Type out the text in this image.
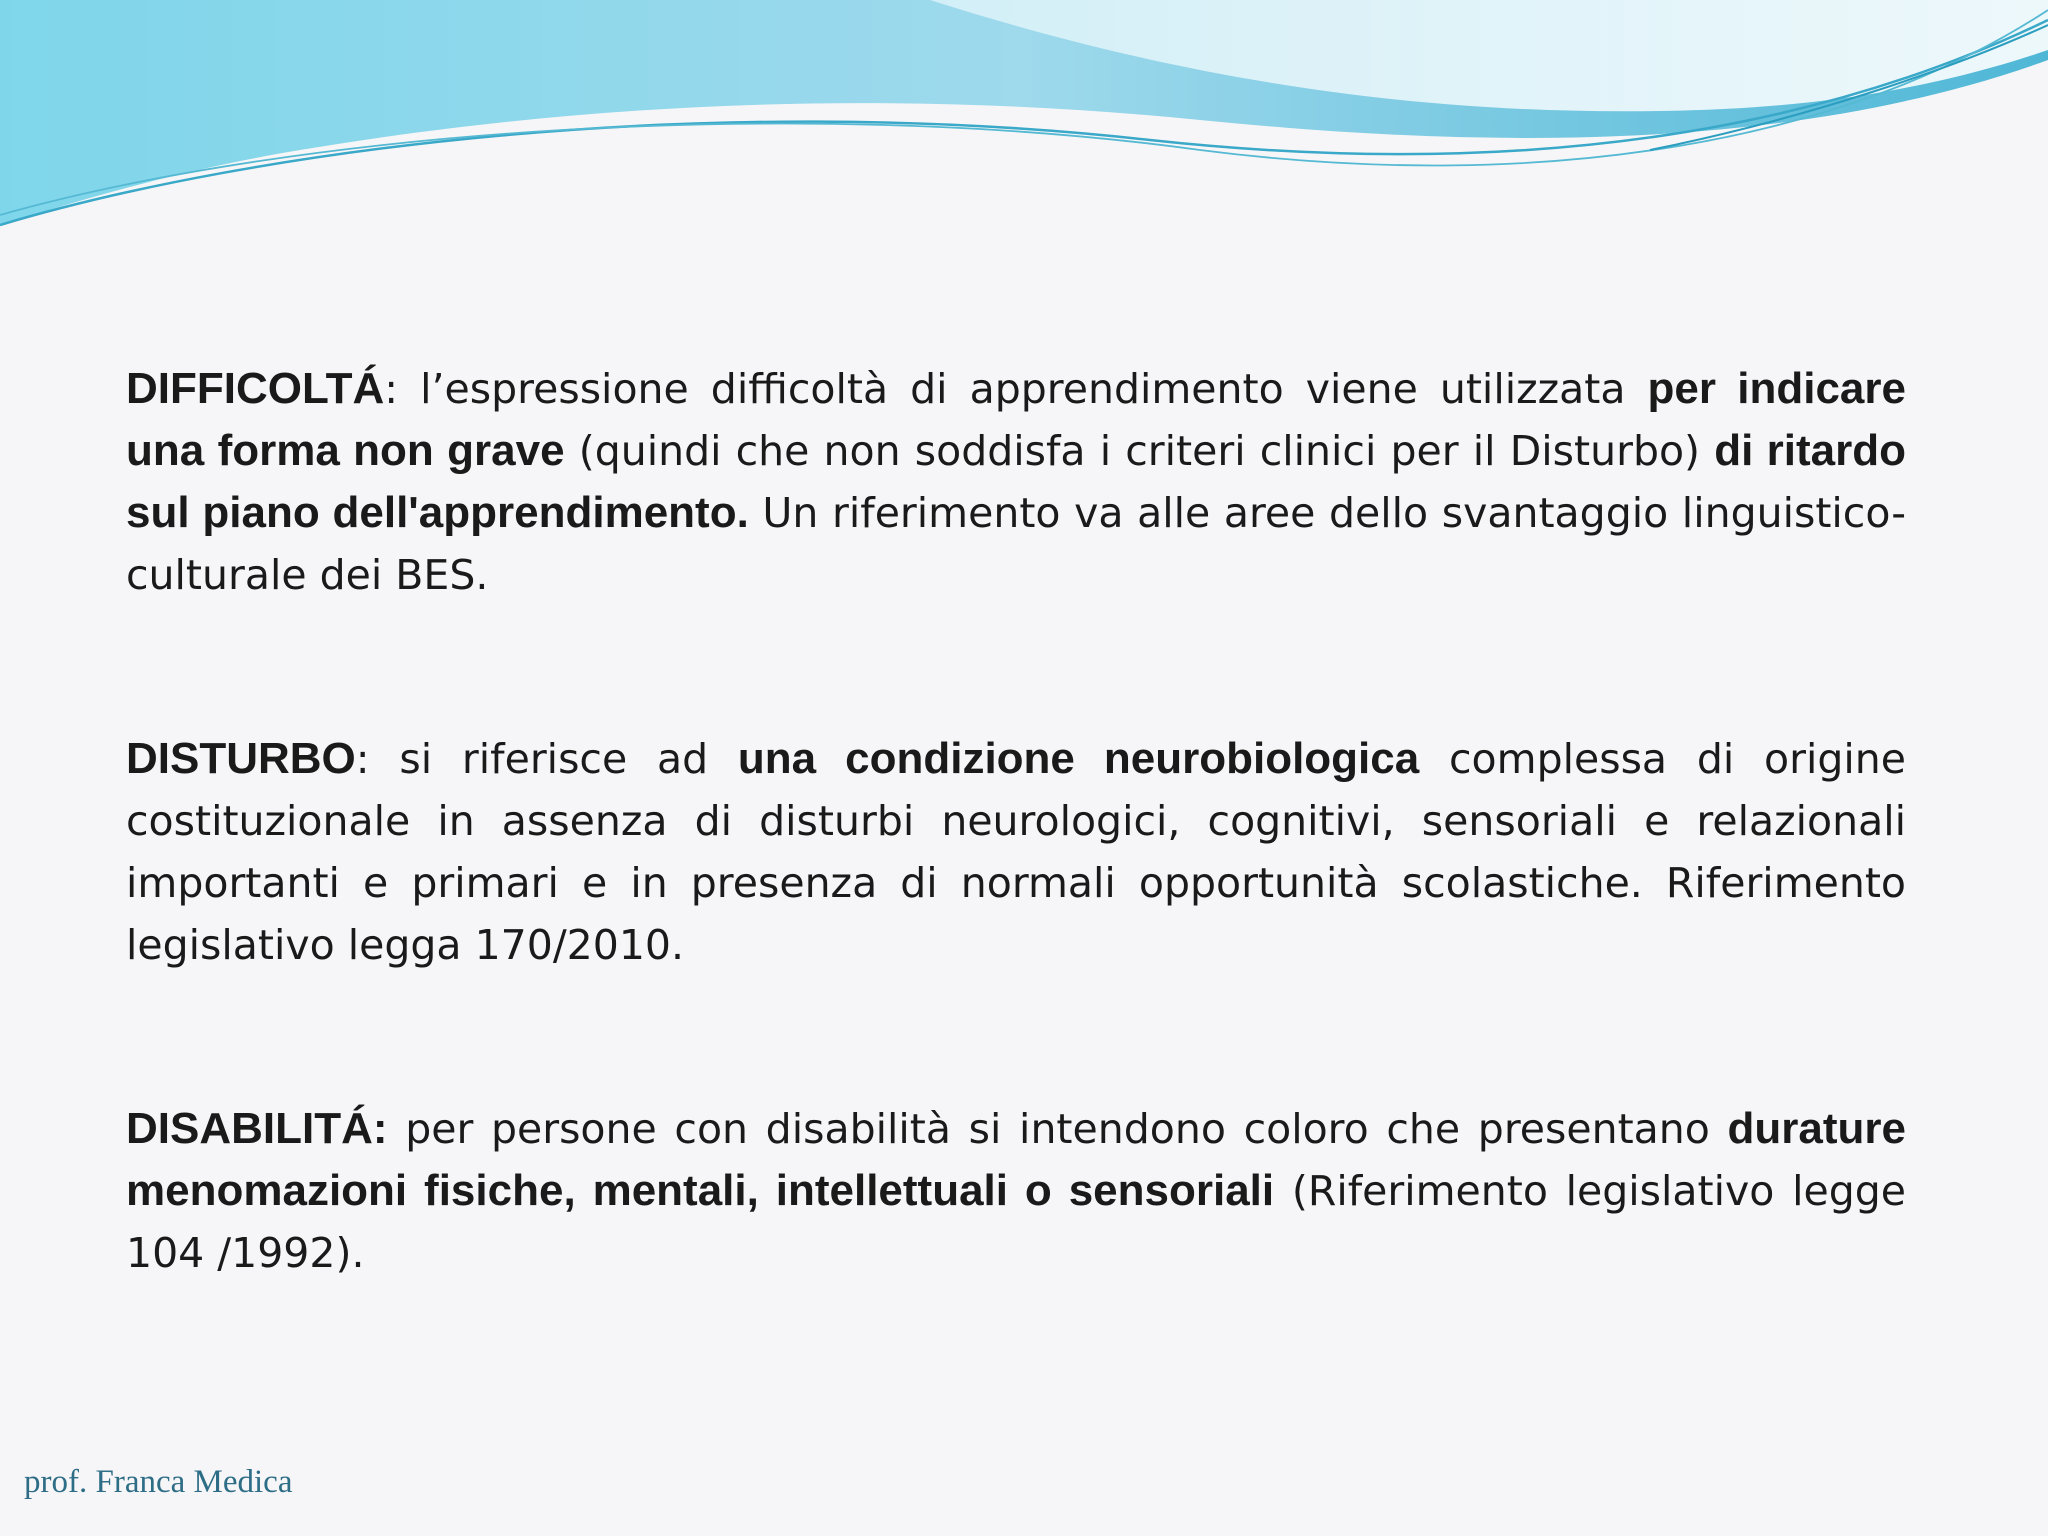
DIFFICOLTÁ: l’espressione difficoltà di apprendimento viene utilizzata per indicare una forma non grave (quindi che non soddisfa i criteri clinici per il Disturbo) di ritardo sul piano dell'apprendimento. Un riferimento va alle aree dello svantaggio linguistico-culturale dei BES.

DISTURBO: si riferisce ad una condizione neurobiologica complessa di origine costituzionale in assenza di disturbi neurologici, cognitivi, sensoriali e relazionali importanti e primari e in presenza di normali opportunità scolastiche. Riferimento legislativo legga 170/2010.

DISABILITÁ: per persone con disabilità si intendono coloro che presentano durature menomazioni fisiche, mentali, intellettuali o sensoriali (Riferimento legislativo legge 104 /1992).

prof. Franca Medica
